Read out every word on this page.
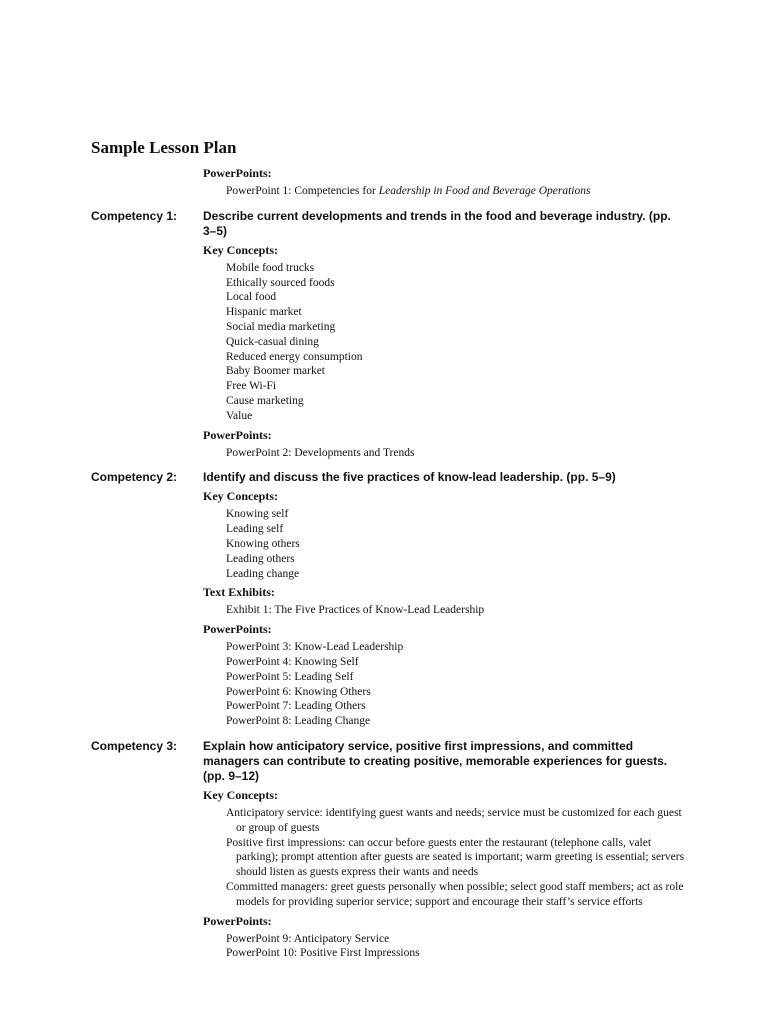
Sample Lesson Plan
PowerPoints:
PowerPoint 1: Competencies for Leadership in Food and Beverage Operations
Competency 1:	Describe current developments and trends in the food and beverage industry. (pp. 3–5)
Key Concepts:
Mobile food trucks
Ethically sourced foods
Local food
Hispanic market
Social media marketing
Quick-casual dining
Reduced energy consumption
Baby Boomer market
Free Wi-Fi
Cause marketing
Value
PowerPoints:
PowerPoint 2: Developments and Trends
Competency 2:	Identify and discuss the five practices of know-lead leadership. (pp. 5–9)
Key Concepts:
Knowing self
Leading self
Knowing others
Leading others
Leading change
Text Exhibits:
Exhibit 1: The Five Practices of Know-Lead Leadership
PowerPoints:
PowerPoint 3: Know-Lead Leadership
PowerPoint 4: Knowing Self
PowerPoint 5: Leading Self
PowerPoint 6: Knowing Others
PowerPoint 7: Leading Others
PowerPoint 8: Leading Change
Competency 3:	Explain how anticipatory service, positive first impressions, and committed managers can contribute to creating positive, memorable experiences for guests. (pp. 9–12)
Key Concepts:
Anticipatory service: identifying guest wants and needs; service must be customized for each guest or group of guests
Positive first impressions: can occur before guests enter the restaurant (telephone calls, valet parking); prompt attention after guests are seated is important; warm greeting is essential; servers should listen as guests express their wants and needs
Committed managers: greet guests personally when possible; select good staff members; act as role models for providing superior service; support and encourage their staff’s service efforts
PowerPoints:
PowerPoint 9: Anticipatory Service
PowerPoint 10: Positive First Impressions
